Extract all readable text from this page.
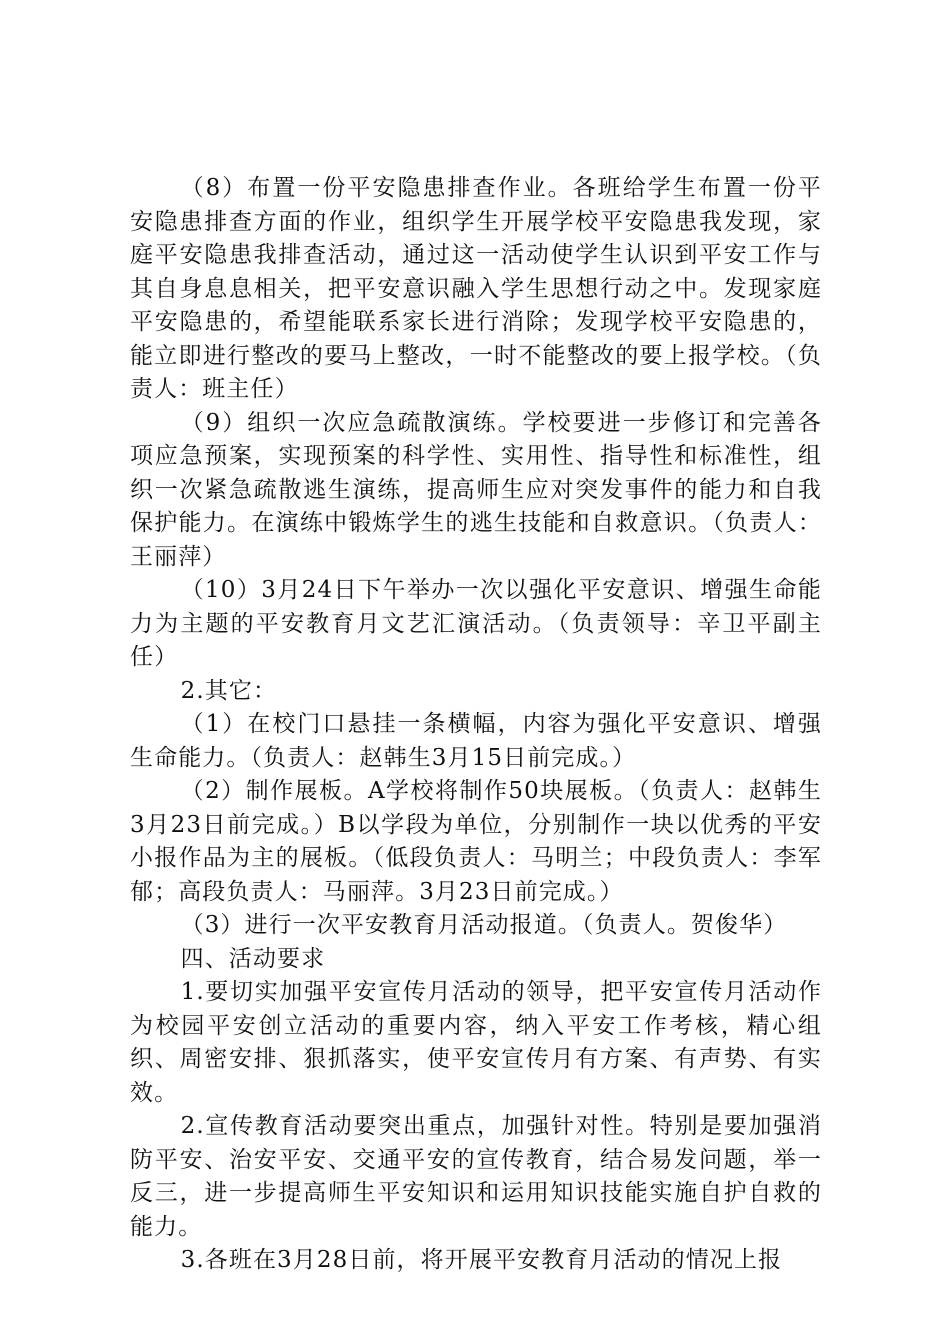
（8）布置一份平安隐患排查作业。各班给学生布置一份平安隐患排查方面的作业，组织学生开展学校平安隐患我发现，家庭平安隐患我排查活动，通过这一活动使学生认识到平安工作与其自身息息相关，把平安意识融入学生思想行动之中。发现家庭平安隐患的，希望能联系家长进行消除；发现学校平安隐患的，能立即进行整改的要马上整改，一时不能整改的要上报学校。（负责人：班主任）

（9）组织一次应急疏散演练。学校要进一步修订和完善各项应急预案，实现预案的科学性、实用性、指导性和标准性，组织一次紧急疏散逃生演练，提高师生应对突发事件的能力和自我保护能力。在演练中锻炼学生的逃生技能和自救意识。（负责人：王丽萍）

（10）3月24日下午举办一次以强化平安意识、增强生命能力为主题的平安教育月文艺汇演活动。（负责领导：辛卫平副主任）

2.其它：

（1）在校门口悬挂一条横幅，内容为强化平安意识、增强生命能力。（负责人：赵韩生3月15日前完成。）

（2）制作展板。A学校将制作50块展板。（负责人：赵韩生3月23日前完成。）B以学段为单位，分别制作一块以优秀的平安小报作品为主的展板。（低段负责人：马明兰；中段负责人：李军郁；高段负责人：马丽萍。3月23日前完成。）

（3）进行一次平安教育月活动报道。（负责人。贺俊华）

四、活动要求

1.要切实加强平安宣传月活动的领导，把平安宣传月活动作为校园平安创立活动的重要内容，纳入平安工作考核，精心组织、周密安排、狠抓落实，使平安宣传月有方案、有声势、有实效。

2.宣传教育活动要突出重点，加强针对性。特别是要加强消防平安、治安平安、交通平安的宣传教育，结合易发问题，举一反三，进一步提高师生平安知识和运用知识技能实施自护自救的能力。

3.各班在3月28日前，将开展平安教育月活动的情况上报
